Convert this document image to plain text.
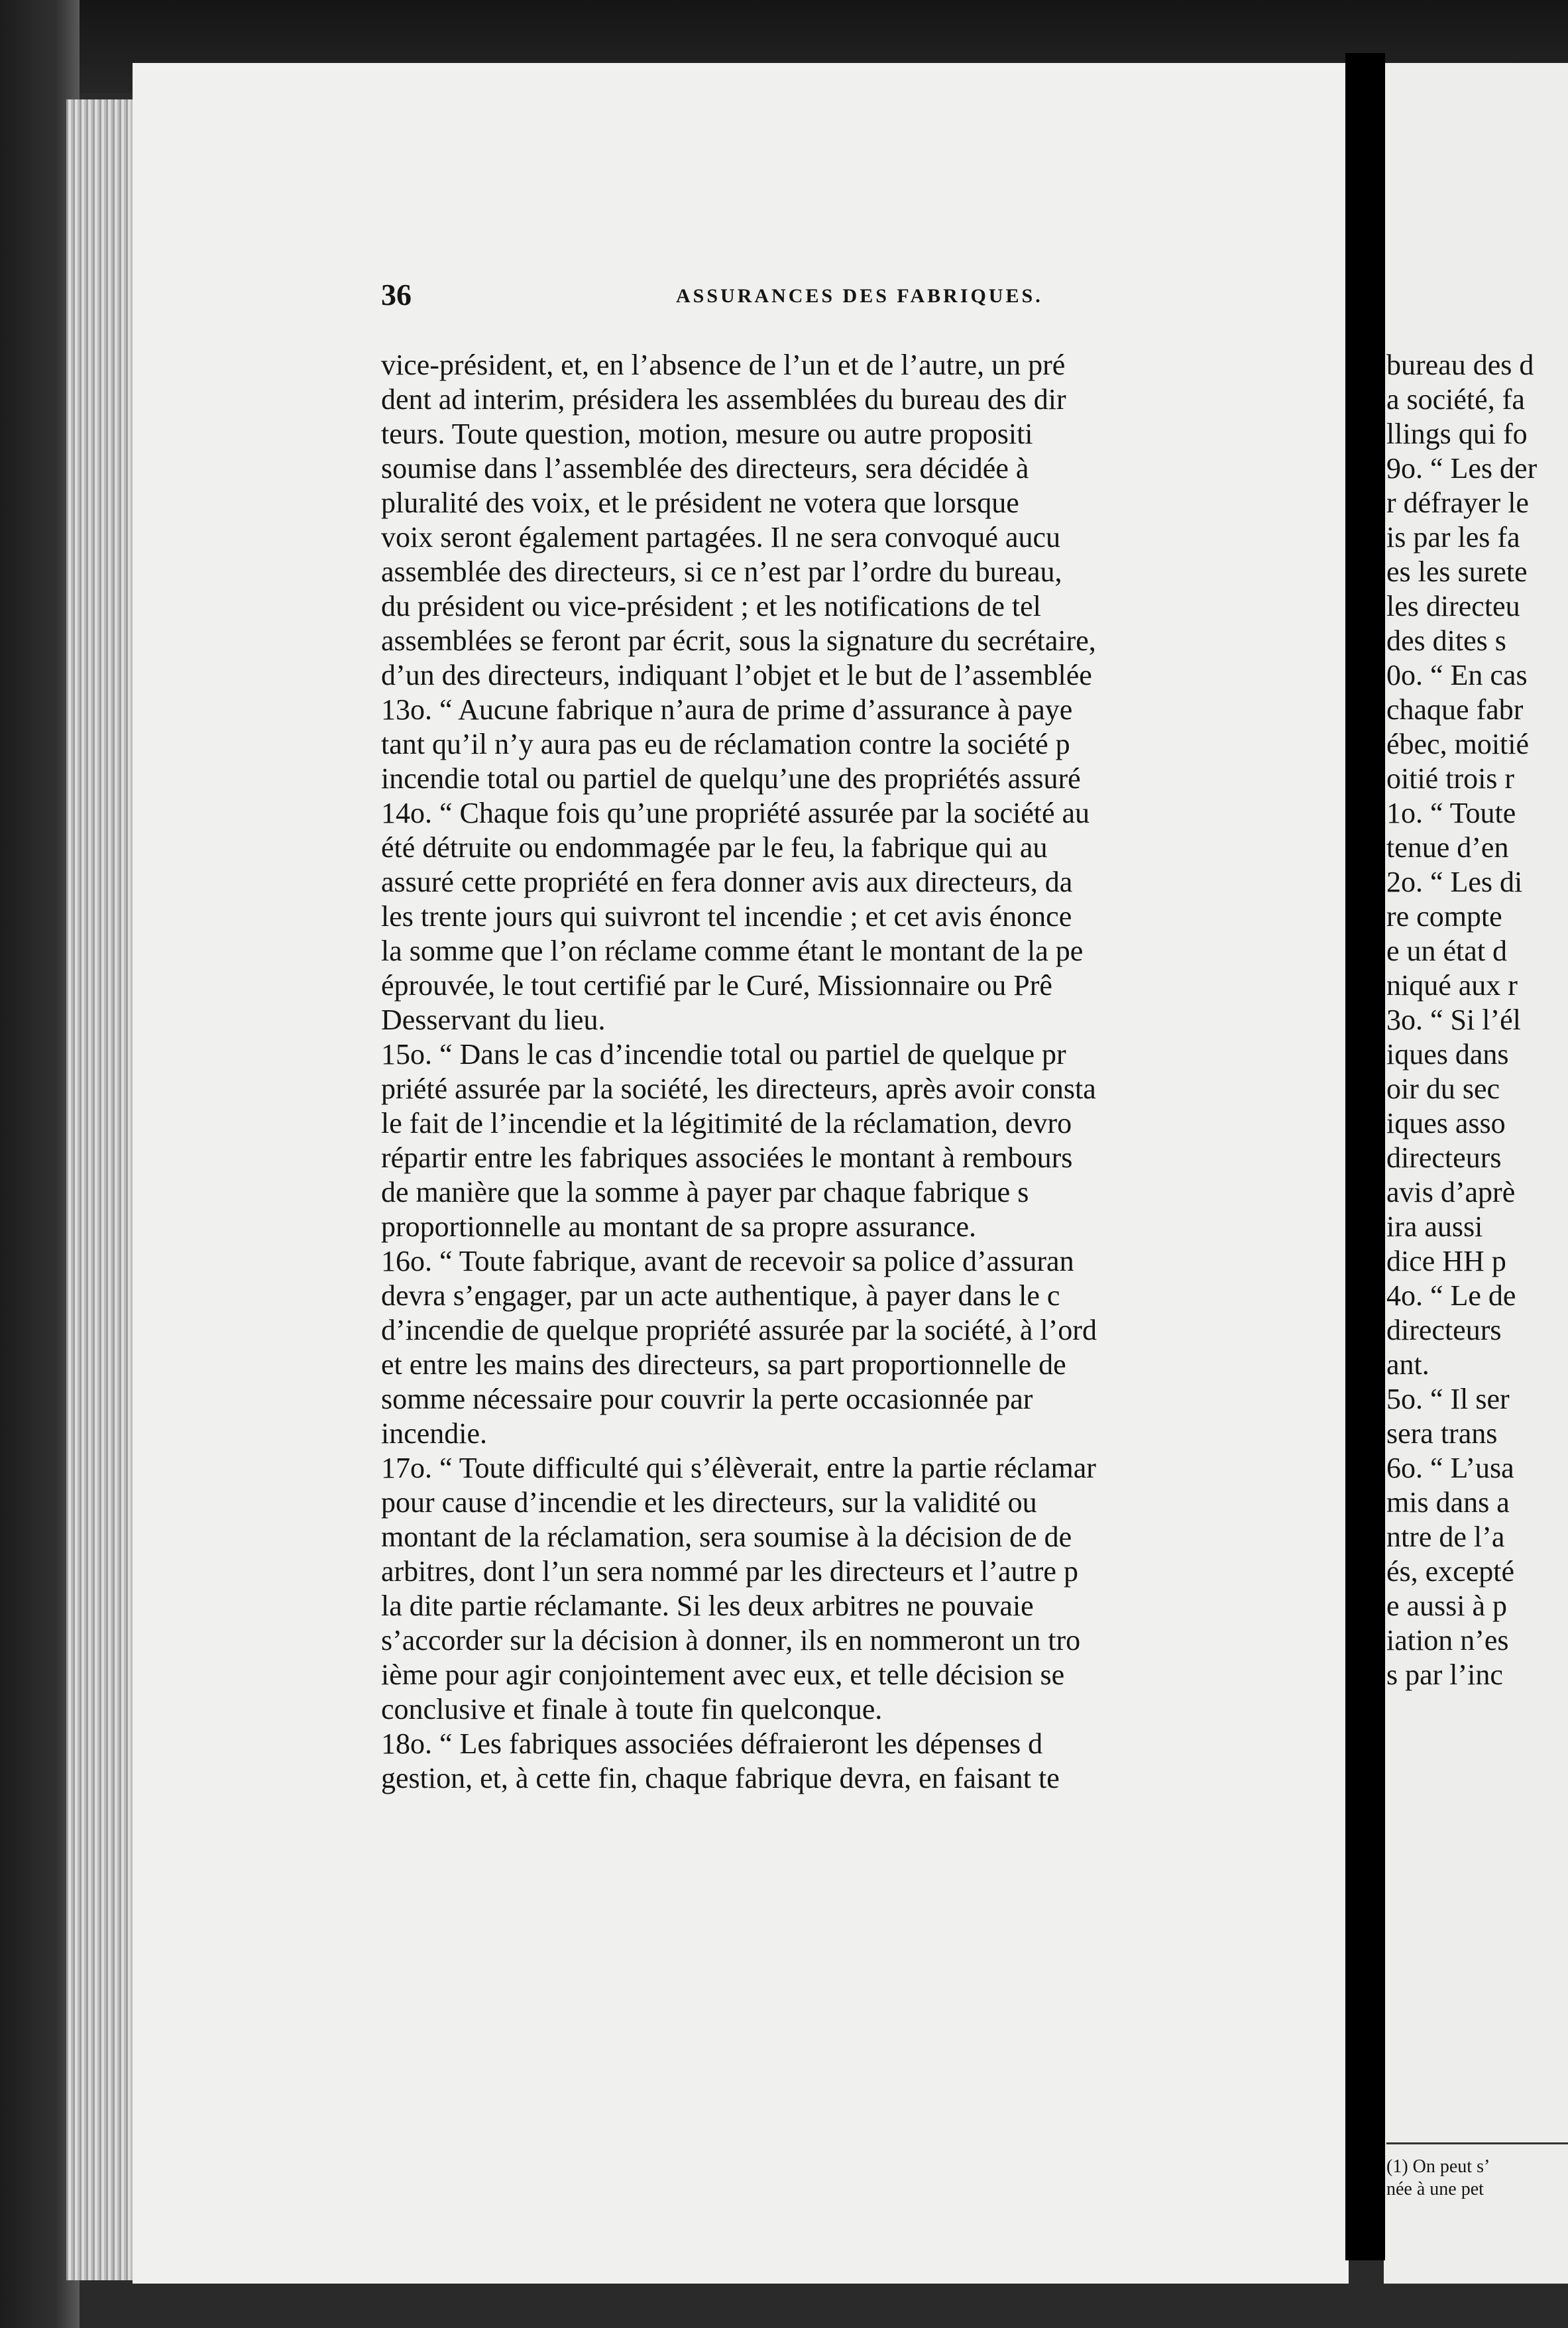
36	ASSURANCES DES FABRIQUES.
vice-président, et, en l’absence de l’un et de l’autre, un pré
dent ad interim, présidera les assemblées du bureau des dir
teurs. Toute question, motion, mesure ou autre propositi
soumise dans l’assemblée des directeurs, sera décidée à
pluralité des voix, et le président ne votera que lorsque
voix seront également partagées. Il ne sera convoqué aucu
assemblée des directeurs, si ce n’est par l’ordre du bureau,
du président ou vice-président ; et les notifications de tel
assemblées se feront par écrit, sous la signature du secrétaire,
d’un des directeurs, indiquant l’objet et le but de l’assemblée
13o. “ Aucune fabrique n’aura de prime d’assurance à paye
tant qu’il n’y aura pas eu de réclamation contre la société p
incendie total ou partiel de quelqu’une des propriétés assuré
14o. “ Chaque fois qu’une propriété assurée par la société au
été détruite ou endommagée par le feu, la fabrique qui au
assuré cette propriété en fera donner avis aux directeurs, da
les trente jours qui suivront tel incendie ; et cet avis énonce
la somme que l’on réclame comme étant le montant de la pe
éprouvée, le tout certifié par le Curé, Missionnaire ou Prê
Desservant du lieu.
15o. “ Dans le cas d’incendie total ou partiel de quelque pr
priété assurée par la société, les directeurs, après avoir consta
le fait de l’incendie et la légitimité de la réclamation, devro
répartir entre les fabriques associées le montant à rembours
de manière que la somme à payer par chaque fabrique s
proportionnelle au montant de sa propre assurance.
16o. “ Toute fabrique, avant de recevoir sa police d’assuran
devra s’engager, par un acte authentique, à payer dans le c
d’incendie de quelque propriété assurée par la société, à l’ord
et entre les mains des directeurs, sa part proportionnelle de
somme nécessaire pour couvrir la perte occasionnée par
incendie.
17o. “ Toute difficulté qui s’élèverait, entre la partie réclamar
pour cause d’incendie et les directeurs, sur la validité ou
montant de la réclamation, sera soumise à la décision de de
arbitres, dont l’un sera nommé par les directeurs et l’autre p
la dite partie réclamante. Si les deux arbitres ne pouvaie
s’accorder sur la décision à donner, ils en nommeront un tro
ième pour agir conjointement avec eux, et telle décision se
conclusive et finale à toute fin quelconque.
18o. “ Les fabriques associées défraieront les dépenses d
gestion, et, à cette fin, chaque fabrique devra, en faisant te
bureau des d
a société, fa
llings qui fo
9o. “ Les der
r défrayer le
is par les fa
es les surete
les directeu
des dites s
0o. “ En cas
chaque fabr
ébec, moitié
oitié trois r
1o. “ Toute
tenue d’en
2o. “ Les di
re compte
e un état d
niqué aux r
3o. “ Si l’él
iques dans
oir du sec
iques asso
directeurs
avis d’aprè
ira aussi
dice HH p
4o. “ Le de
directeurs
ant.
5o. “ Il ser
sera trans
6o. “ L’usa
mis dans a
ntre de l’a
és, excepté
e aussi à p
iation n’es
s par l’inc
(1) On peut s’
née à une pet
